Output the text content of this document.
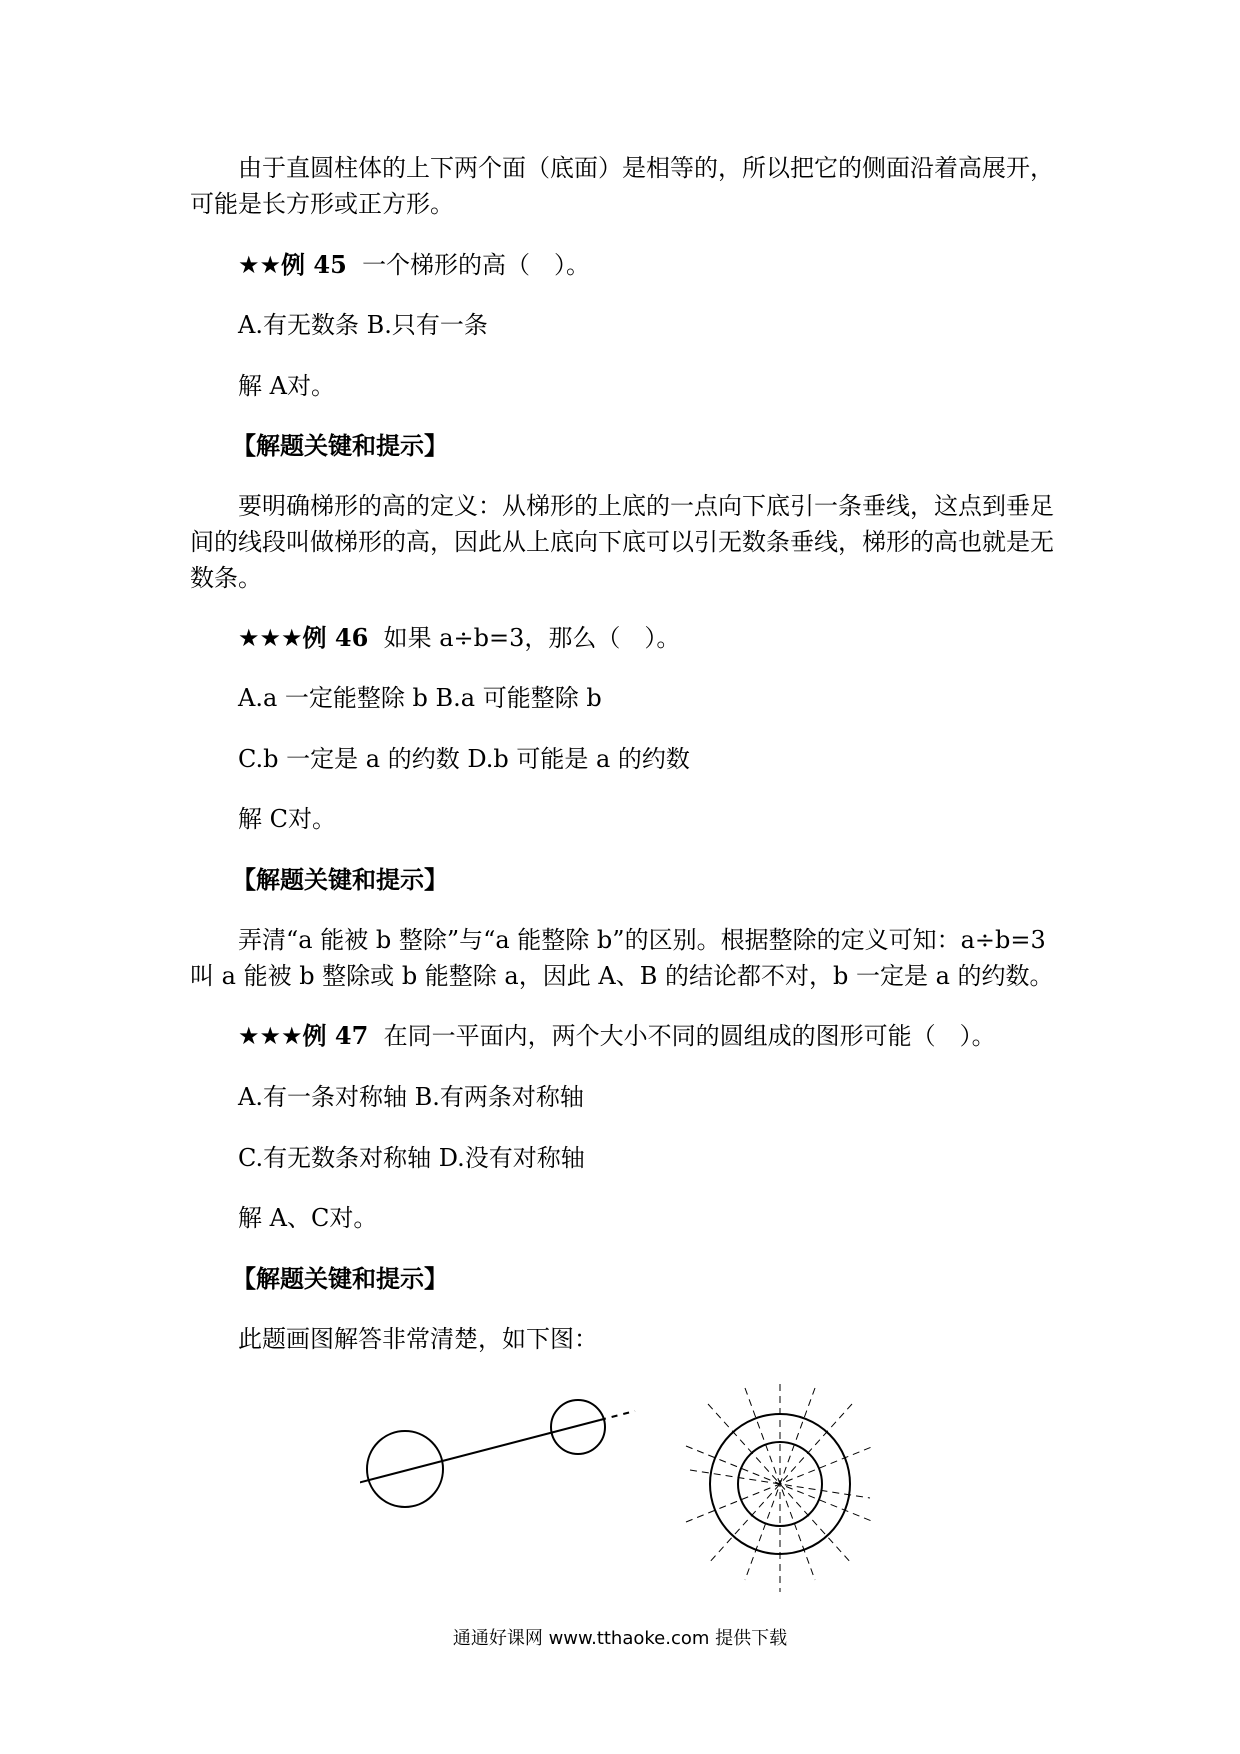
由于直圆柱体的上下两个面（底面）是相等的，所以把它的侧面沿着高展开，
可能是长方形或正方形。

★★例 45 一个梯形的高（　）。

A.有无数条 B.只有一条

解 A对。

【解题关键和提示】

要明确梯形的高的定义：从梯形的上底的一点向下底引一条垂线，这点到垂足间的线段叫做梯形的高，因此从上底向下底可以引无数条垂线，梯形的高也就是无数条。

★★★例 46 如果 a÷b=3，那么（　）。

A.a 一定能整除 b B.a 可能整除 b

C.b 一定是 a 的约数 D.b 可能是 a 的约数

解 C对。

【解题关键和提示】

弄清“a 能被 b 整除”与“a 能整除 b”的区别。根据整除的定义可知：a÷b=3 叫 a 能被 b 整除或 b 能整除 a，因此 A、B 的结论都不对，b 一定是 a 的约数。

★★★例 47 在同一平面内，两个大小不同的圆组成的图形可能（　）。

A.有一条对称轴 B.有两条对称轴

C.有无数条对称轴 D.没有对称轴

解 A、C对。

【解题关键和提示】

此题画图解答非常清楚，如下图：

通通好课网 www.tthaoke.com 提供下载
